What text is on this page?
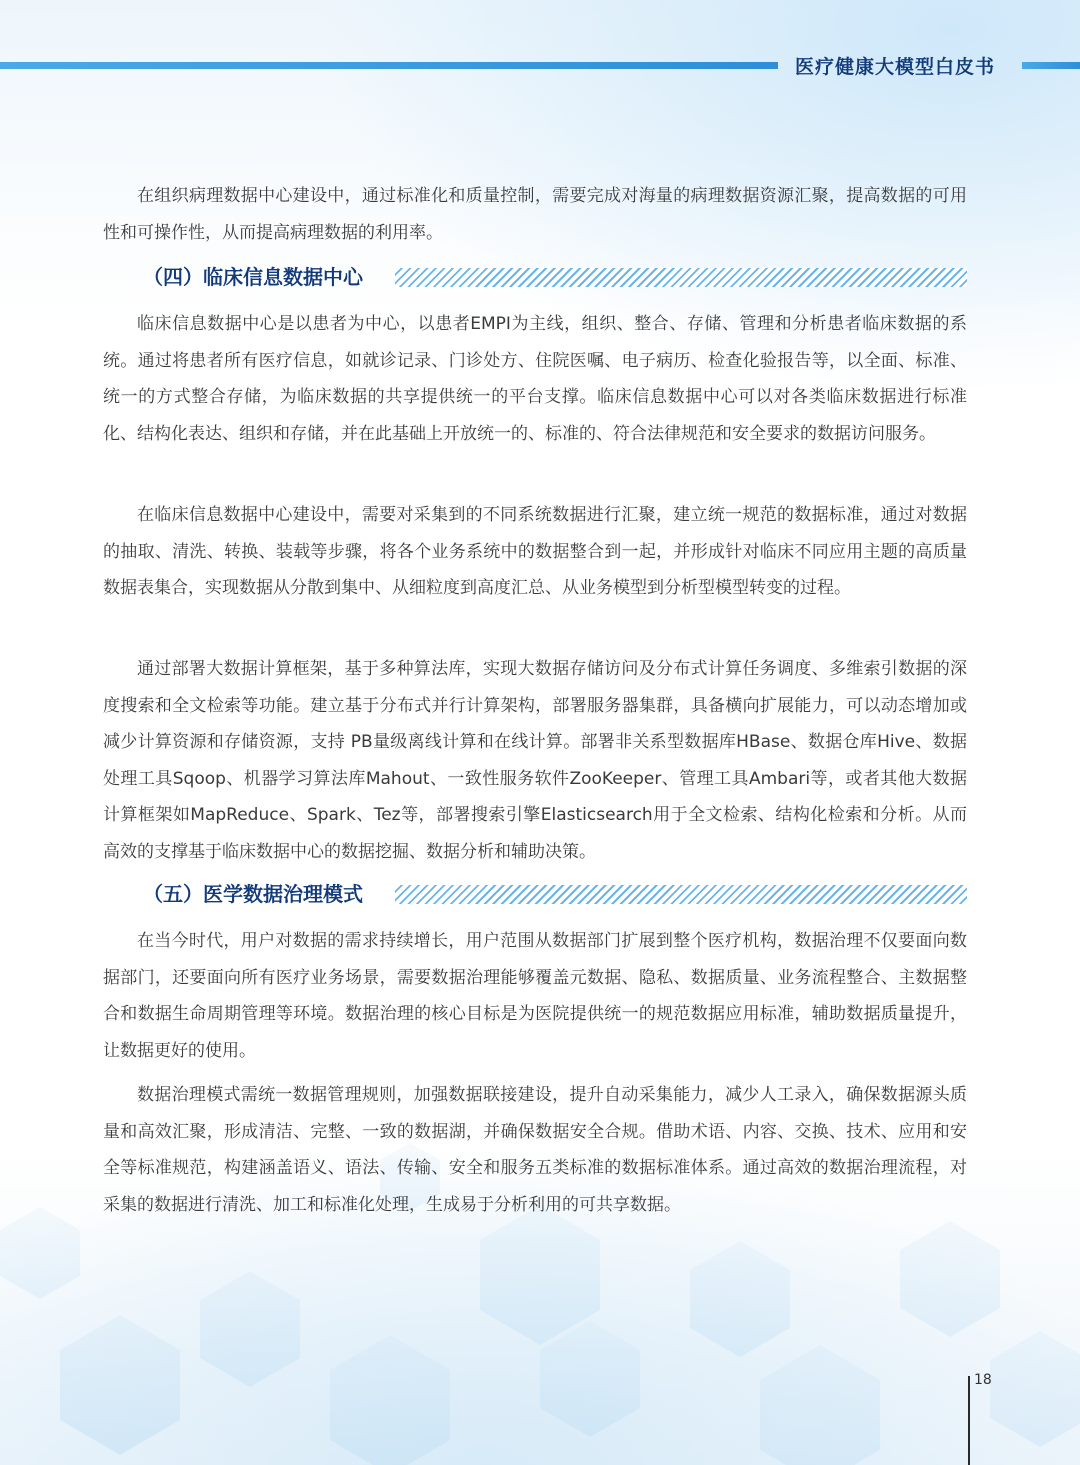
医疗健康大模型白皮书

在组织病理数据中心建设中，通过标准化和质量控制，需要完成对海量的病理数据资源汇聚，提高数据的可用性和可操作性，从而提高病理数据的利用率。

（四）临床信息数据中心

临床信息数据中心是以患者为中心，以患者EMPI为主线，组织、整合、存储、管理和分析患者临床数据的系统。通过将患者所有医疗信息，如就诊记录、门诊处方、住院医嘱、电子病历、检查化验报告等，以全面、标准、统一的方式整合存储，为临床数据的共享提供统一的平台支撑。临床信息数据中心可以对各类临床数据进行标准化、结构化表达、组织和存储，并在此基础上开放统一的、标准的、符合法律规范和安全要求的数据访问服务。

在临床信息数据中心建设中，需要对采集到的不同系统数据进行汇聚，建立统一规范的数据标准，通过对数据的抽取、清洗、转换、装载等步骤，将各个业务系统中的数据整合到一起，并形成针对临床不同应用主题的高质量数据表集合，实现数据从分散到集中、从细粒度到高度汇总、从业务模型到分析型模型转变的过程。

通过部署大数据计算框架，基于多种算法库，实现大数据存储访问及分布式计算任务调度、多维索引数据的深度搜索和全文检索等功能。建立基于分布式并行计算架构，部署服务器集群，具备横向扩展能力，可以动态增加或减少计算资源和存储资源，支持 PB量级离线计算和在线计算。部署非关系型数据库HBase、数据仓库Hive、数据处理工具Sqoop、机器学习算法库Mahout、一致性服务软件ZooKeeper、管理工具Ambari等，或者其他大数据计算框架如MapReduce、Spark、Tez等，部署搜索引擎Elasticsearch用于全文检索、结构化检索和分析。从而高效的支撑基于临床数据中心的数据挖掘、数据分析和辅助决策。

（五）医学数据治理模式

在当今时代，用户对数据的需求持续增长，用户范围从数据部门扩展到整个医疗机构，数据治理不仅要面向数据部门，还要面向所有医疗业务场景，需要数据治理能够覆盖元数据、隐私、数据质量、业务流程整合、主数据整合和数据生命周期管理等环境。数据治理的核心目标是为医院提供统一的规范数据应用标准，辅助数据质量提升，让数据更好的使用。

数据治理模式需统一数据管理规则，加强数据联接建设，提升自动采集能力，减少人工录入，确保数据源头质量和高效汇聚，形成清洁、完整、一致的数据湖，并确保数据安全合规。借助术语、内容、交换、技术、应用和安全等标准规范，构建涵盖语义、语法、传输、安全和服务五类标准的数据标准体系。通过高效的数据治理流程，对采集的数据进行清洗、加工和标准化处理，生成易于分析利用的可共享数据。

18
